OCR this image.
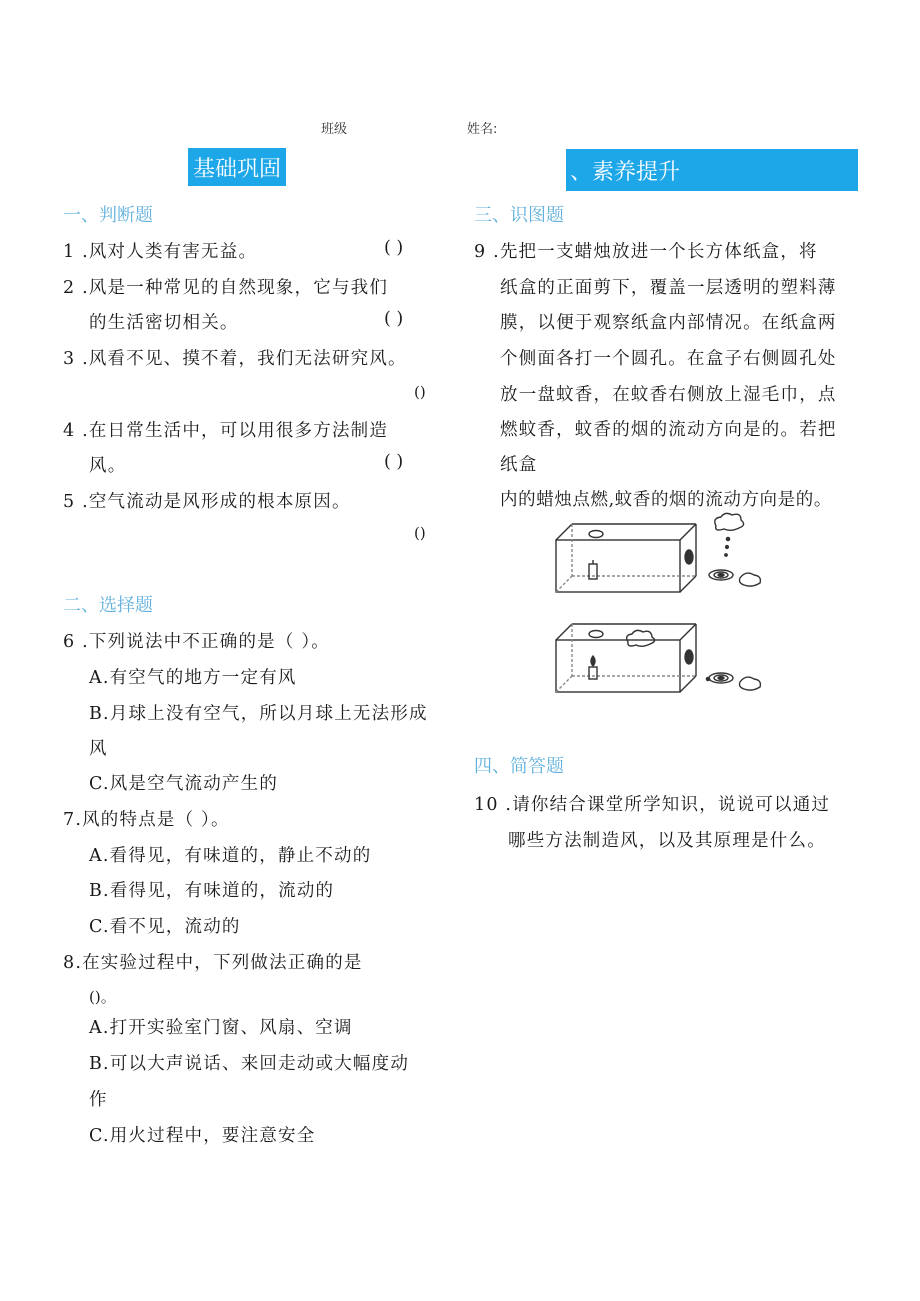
班级	姓名:
基础巩固	、素养提升
一、判断题
1 .风对人类有害无益。	( )
2 .风是一种常见的自然现象，它与我们
的生活密切相关。	( )
3 .风看不见、摸不着，我们无法研究风。
()
4 .在日常生活中，可以用很多方法制造
风。	( )
5 .空气流动是风形成的根本原因。
()
二、选择题
6 .下列说法中不正确的是（ ）。
A.有空气的地方一定有风
B.月球上没有空气，所以月球上无法形成
风
C.风是空气流动产生的
7.风的特点是（ ）。
A.看得见，有味道的，静止不动的
B.看得见，有味道的，流动的
C.看不见，流动的
8.在实验过程中，下列做法正确的是
()。
A.打开实验室门窗、风扇、空调
B.可以大声说话、来回走动或大幅度动
作
C.用火过程中，要注意安全
三、识图题
9 .先把一支蜡烛放进一个长方体纸盒，将
纸盒的正面剪下，覆盖一层透明的塑料薄
膜，以便于观察纸盒内部情况。在纸盒两
个侧面各打一个圆孔。在盒子右侧圆孔处
放一盘蚊香，在蚊香右侧放上湿毛巾，点
燃蚊香，蚊香的烟的流动方向是的。若把
纸盒
内的蜡烛点燃,蚊香的烟的流动方向是的。
四、简答题
10 .请你结合课堂所学知识，说说可以通过
哪些方法制造风，以及其原理是什么。
